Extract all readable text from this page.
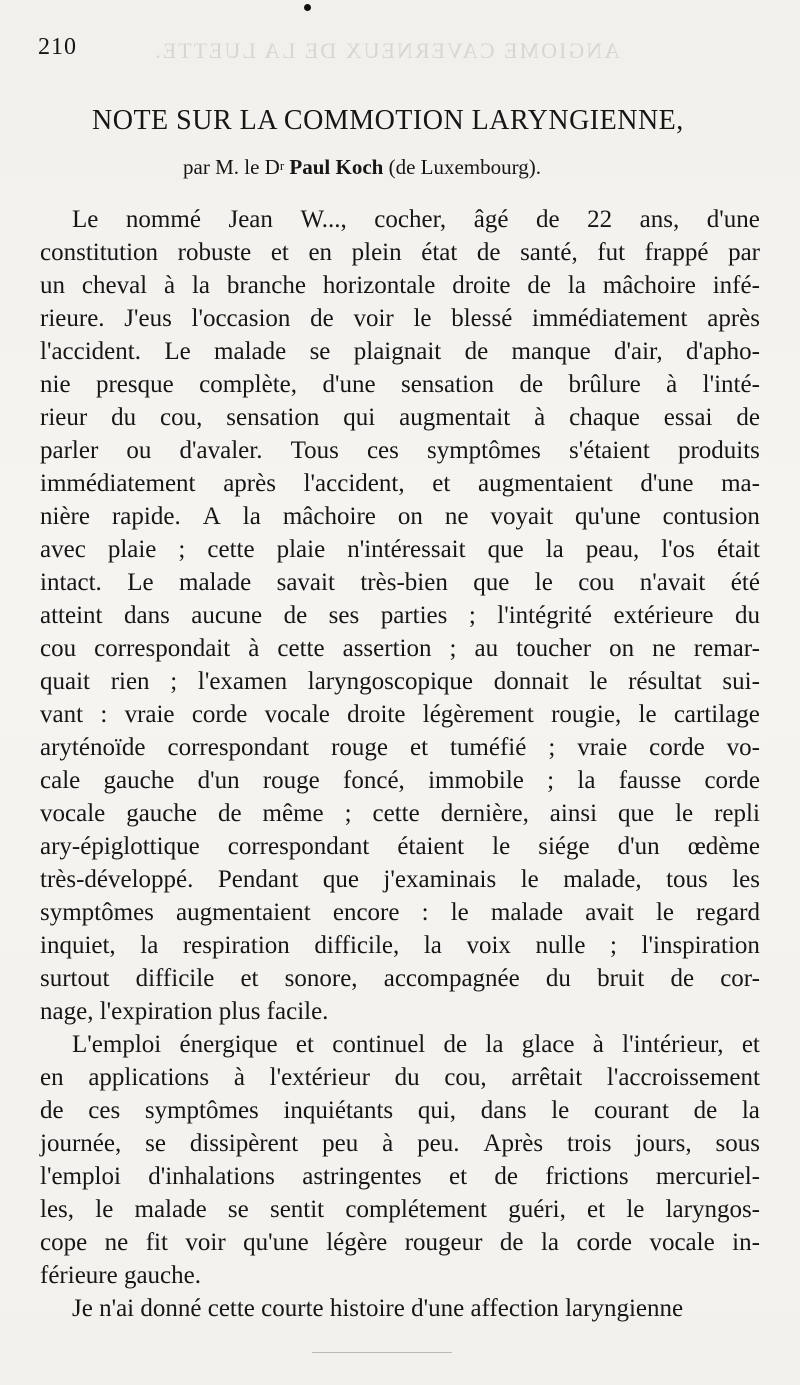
ANGIOME CAVERNEUX DE LA LUETTE.
210
NOTE SUR LA COMMOTION LARYNGIENNE,
par M. le $D^r$ Paul Koch (de Luxembourg).
Le nommé Jean W..., cocher, âgé de 22 ans, d'une
constitution robuste et en plein état de santé, fut frappé par
un cheval à la branche horizontale droite de la mâchoire infé-
rieure. J'eus l'occasion de voir le blessé immédiatement après
l'accident. Le malade se plaignait de manque d'air, d'apho-
nie presque complète, d'une sensation de brûlure à l'inté-
rieur du cou, sensation qui augmentait à chaque essai de
parler ou d'avaler. Tous ces symptômes s'étaient produits
immédiatement après l'accident, et augmentaient d'une ma-
nière rapide. A la mâchoire on ne voyait qu'une contusion
avec plaie ; cette plaie n'intéressait que la peau, l'os était
intact. Le malade savait très-bien que le cou n'avait été
atteint dans aucune de ses parties ; l'intégrité extérieure du
cou correspondait à cette assertion ; au toucher on ne remar-
quait rien ; l'examen laryngoscopique donnait le résultat sui-
vant : vraie corde vocale droite légèrement rougie, le cartilage
aryténoïde correspondant rouge et tuméfié ; vraie corde vo-
cale gauche d'un rouge foncé, immobile ; la fausse corde
vocale gauche de même ; cette dernière, ainsi que le repli
ary-épiglottique correspondant étaient le siége d'un œdème
très-développé. Pendant que j'examinais le malade, tous les
symptômes augmentaient encore : le malade avait le regard
inquiet, la respiration difficile, la voix nulle ; l'inspiration
surtout difficile et sonore, accompagnée du bruit de cor-
nage, l'expiration plus facile.
L'emploi énergique et continuel de la glace à l'intérieur, et
en applications à l'extérieur du cou, arrêtait l'accroissement
de ces symptômes inquiétants qui, dans le courant de la
journée, se dissipèrent peu à peu. Après trois jours, sous
l'emploi d'inhalations astringentes et de frictions mercuriel-
les, le malade se sentit complétement guéri, et le laryngos-
cope ne fit voir qu'une légère rougeur de la corde vocale in-
férieure gauche.
Je n'ai donné cette courte histoire d'une affection laryngienne
